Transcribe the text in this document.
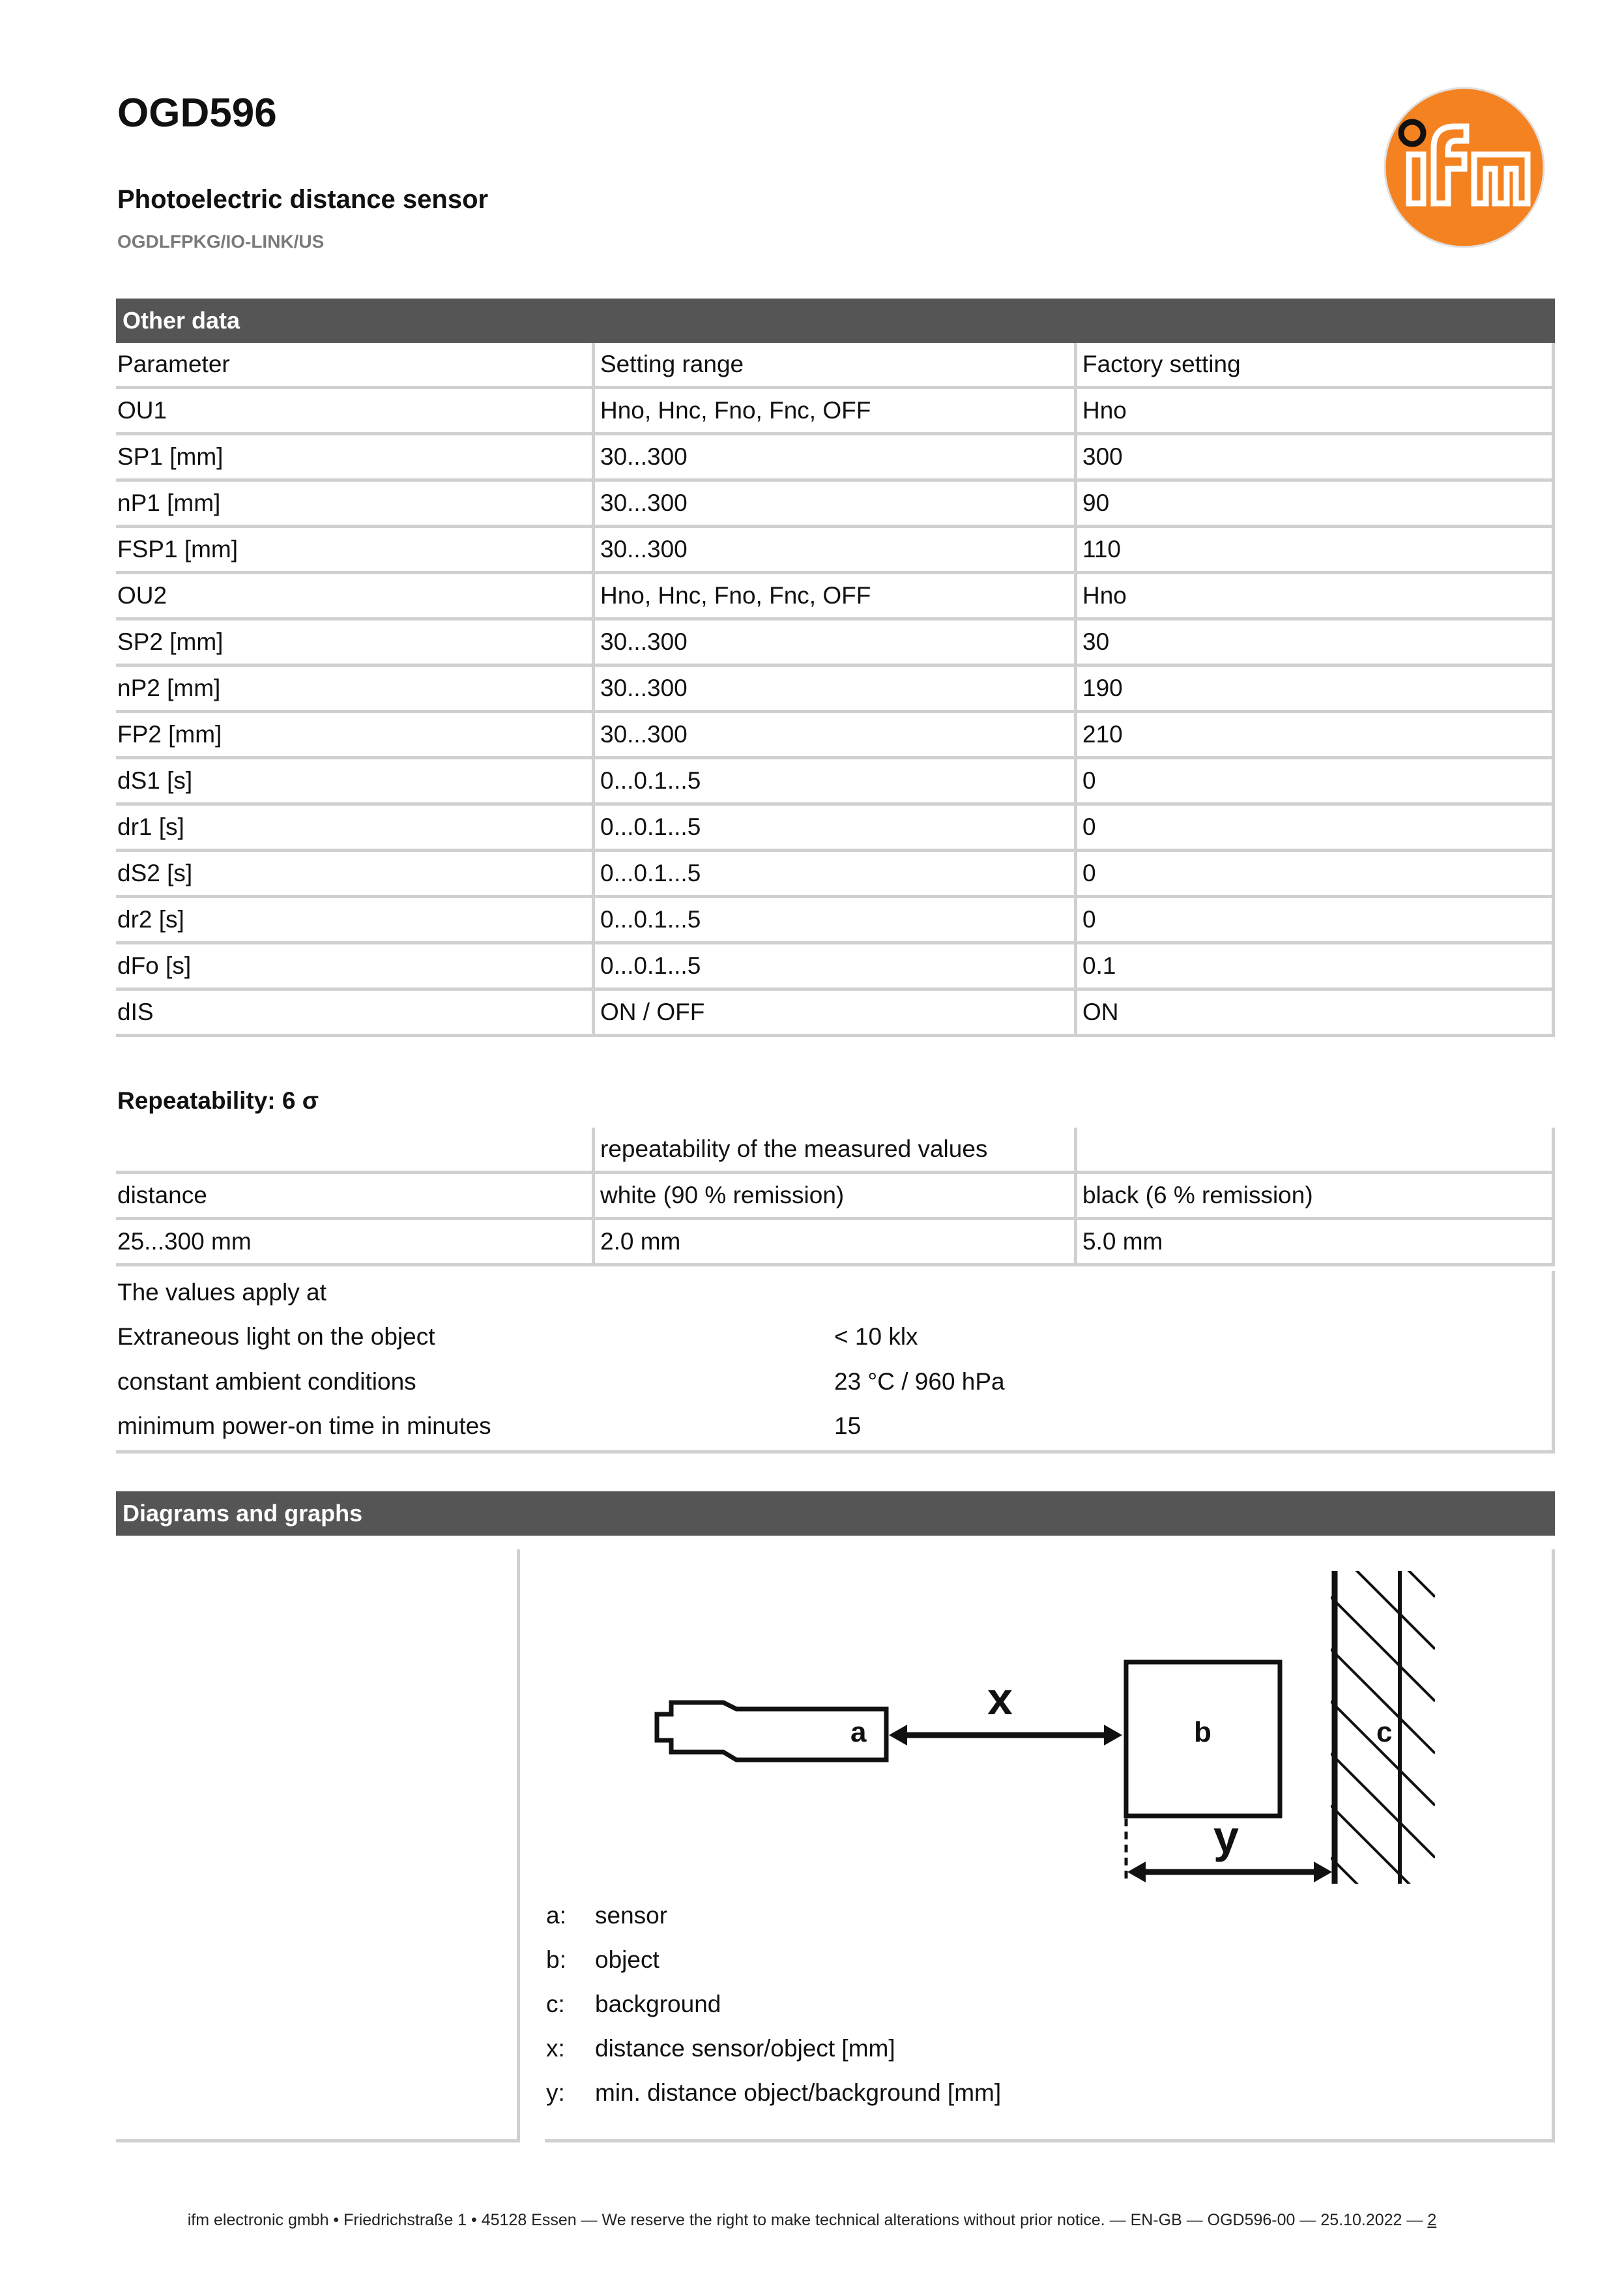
OGD596
Photoelectric distance sensor
OGDLFPKG/IO-LINK/US
Other data
Parameter	Setting range	Factory setting
OU1	Hno, Hnc, Fno, Fnc, OFF	Hno
SP1 [mm]	30...300	300
nP1 [mm]	30...300	90
FSP1 [mm]	30...300	110
OU2	Hno, Hnc, Fno, Fnc, OFF	Hno
SP2 [mm]	30...300	30
nP2 [mm]	30...300	190
FP2 [mm]	30...300	210
dS1 [s]	0...0.1...5	0
dr1 [s]	0...0.1...5	0
dS2 [s]	0...0.1...5	0
dr2 [s]	0...0.1...5	0
dFo [s]	0...0.1...5	0.1
dIS	ON / OFF	ON
Repeatability: 6 σ
	repeatability of the measured values	
distance	white (90 % remission)	black (6 % remission)
25...300 mm	2.0 mm	5.0 mm
The values apply at
Extraneous light on the object	< 10 klx
constant ambient conditions	23 °C / 960 hPa
minimum power-on time in minutes	15
Diagrams and graphs
a
x
b	c
y
a: sensor
b: object
c: background
x: distance sensor/object [mm]
y: min. distance object/background [mm]
ifm electronic gmbh • Friedrichstraße 1 • 45128 Essen — We reserve the right to make technical alterations without prior notice. — EN-GB — OGD596-00 — 25.10.2022 — 2
